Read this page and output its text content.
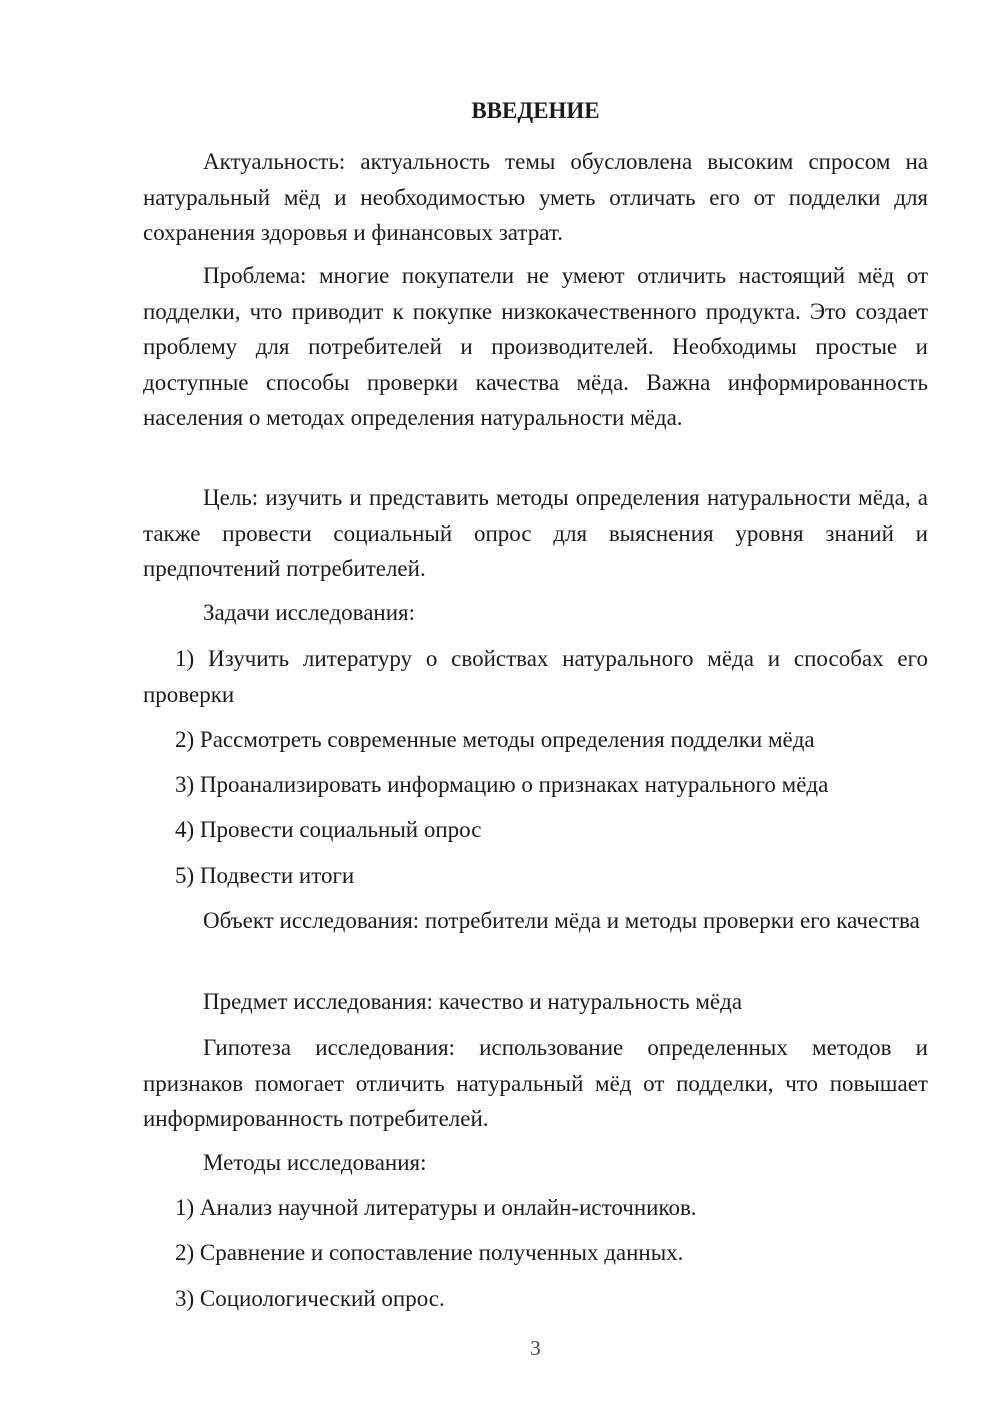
ВВЕДЕНИЕ

Актуальность: актуальность темы обусловлена высоким спросом на натуральный мёд и необходимостью уметь отличать его от подделки для сохранения здоровья и финансовых затрат.

Проблема: многие покупатели не умеют отличить настоящий мёд от подделки, что приводит к покупке низкокачественного продукта. Это создает проблему для потребителей и производителей. Необходимы простые и доступные способы проверки качества мёда. Важна информированность населения о методах определения натуральности мёда.

Цель: изучить и представить методы определения натуральности мёда, а также провести социальный опрос для выяснения уровня знаний и предпочтений потребителей.

Задачи исследования:

1) Изучить литературу о свойствах натурального мёда и способах его проверки

2) Рассмотреть современные методы определения подделки мёда

3) Проанализировать информацию о признаках натурального мёда

4) Провести социальный опрос

5) Подвести итоги

Объект исследования: потребители мёда и методы проверки его качества

Предмет исследования: качество и натуральность мёда

Гипотеза исследования: использование определенных методов и признаков помогает отличить натуральный мёд от подделки, что повышает информированность потребителей.

Методы исследования:

1) Анализ научной литературы и онлайн-источников.

2) Сравнение и сопоставление полученных данных.

3) Социологический опрос.

3
